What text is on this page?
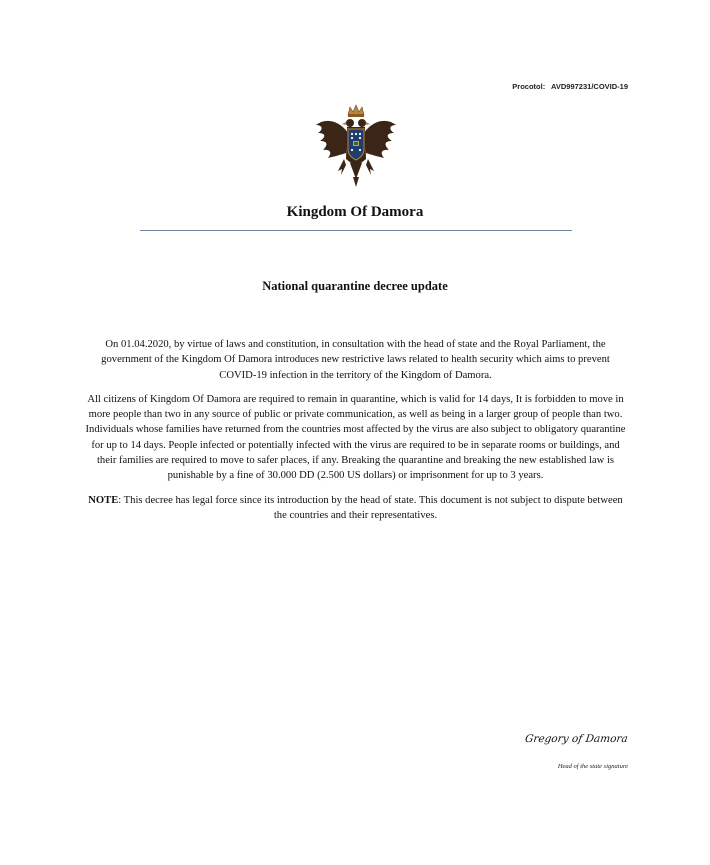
Procotol: AVD997231/COVID-19
Kingdom Of Damora
National quarantine decree update

On 01.04.2020, by virtue of laws and constitution, in consultation with the head of state and the Royal Parliament, the government of the Kingdom Of Damora introduces new restrictive laws related to health security which aims to prevent COVID-19 infection in the territory of the Kingdom of Damora.

All citizens of Kingdom Of Damora are required to remain in quarantine, which is valid for 14 days, It is forbidden to move in more people than two in any source of public or private communication, as well as being in a larger group of people than two. Individuals whose families have returned from the countries most affected by the virus are also subject to obligatory quarantine for up to 14 days. People infected or potentially infected with the virus are required to be in separate rooms or buildings, and their families are required to move to safer places, if any. Breaking the quarantine and breaking the new established law is punishable by a fine of 30.000 DD (2.500 US dollars) or imprisonment for up to 3 years.

NOTE: This decree has legal force since its introduction by the head of state. This document is not subject to dispute between the countries and their representatives.

Gregory of Damora
Head of the state signature
